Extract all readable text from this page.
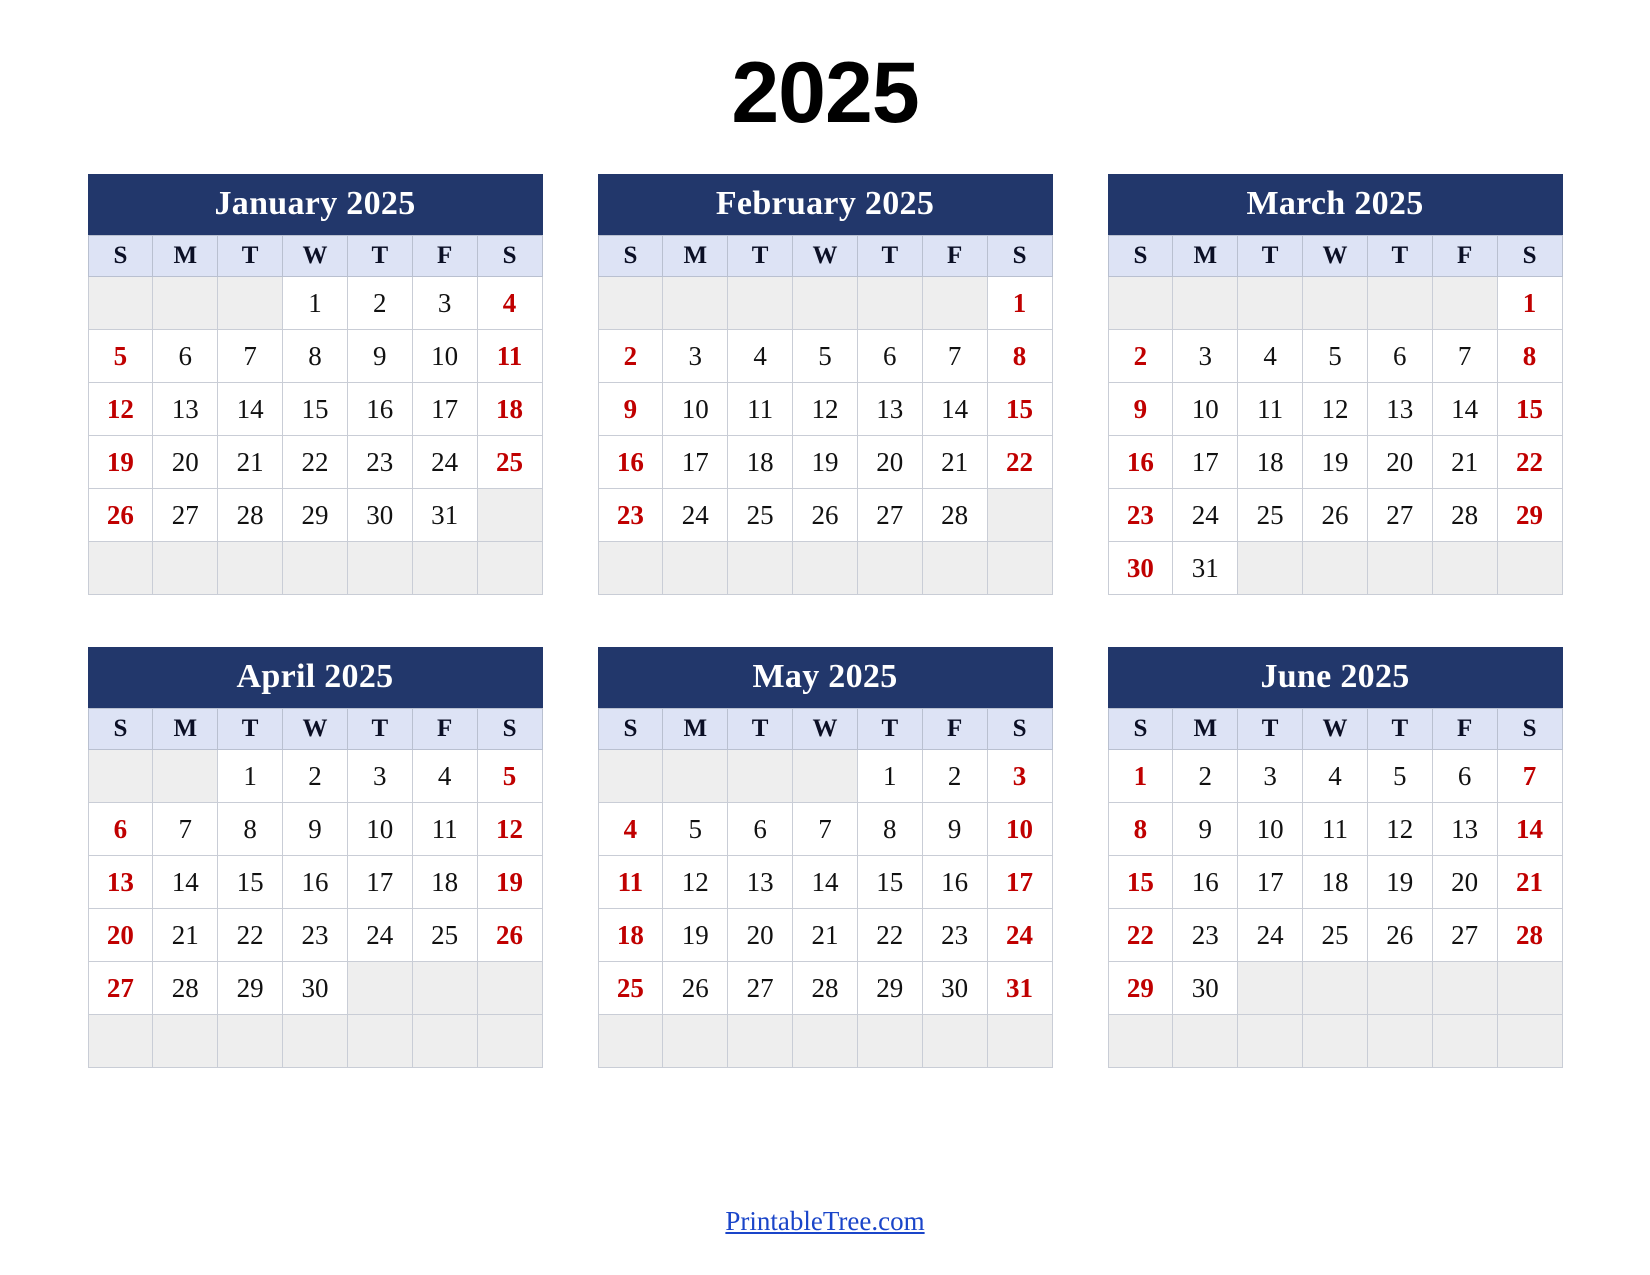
2025
January 2025
S	M	T	W	T	F	S
			1	2	3	4
5	6	7	8	9	10	11
12	13	14	15	16	17	18
19	20	21	22	23	24	25
26	27	28	29	30	31	

February 2025
S	M	T	W	T	F	S
						1
2	3	4	5	6	7	8
9	10	11	12	13	14	15
16	17	18	19	20	21	22
23	24	25	26	27	28	

March 2025
S	M	T	W	T	F	S
						1
2	3	4	5	6	7	8
9	10	11	12	13	14	15
16	17	18	19	20	21	22
23	24	25	26	27	28	29
30	31					
April 2025
S	M	T	W	T	F	S
		1	2	3	4	5
6	7	8	9	10	11	12
13	14	15	16	17	18	19
20	21	22	23	24	25	26
27	28	29	30			

May 2025
S	M	T	W	T	F	S
				1	2	3
4	5	6	7	8	9	10
11	12	13	14	15	16	17
18	19	20	21	22	23	24
25	26	27	28	29	30	31

June 2025
S	M	T	W	T	F	S
1	2	3	4	5	6	7
8	9	10	11	12	13	14
15	16	17	18	19	20	21
22	23	24	25	26	27	28
29	30					

PrintableTree.com
